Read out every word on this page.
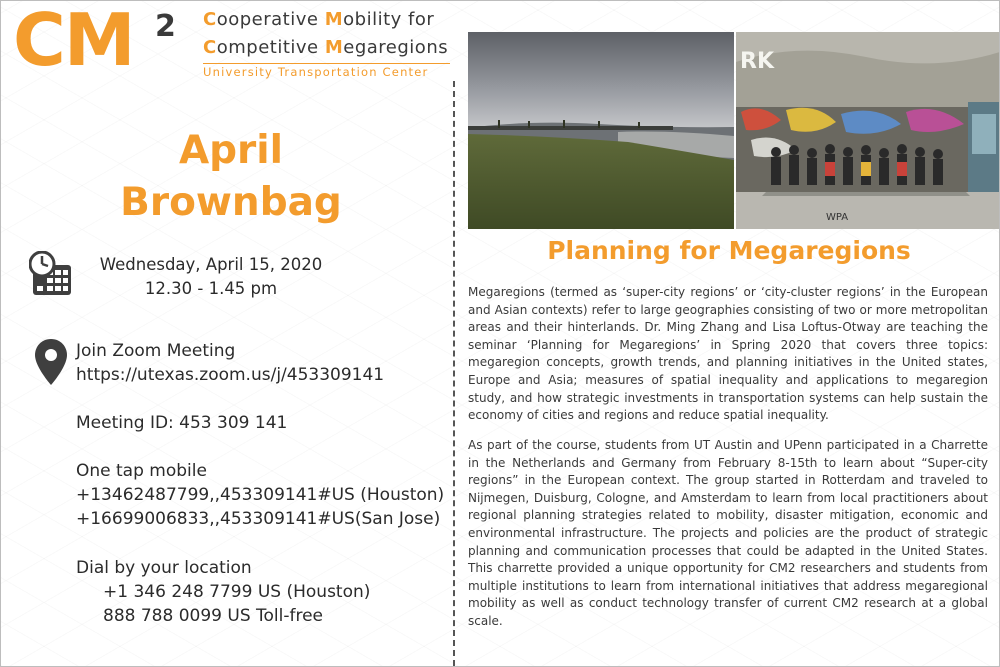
CM 2 Cooperative Mobility for
Competitive Megaregions
University Transportation Center
April
Brownbag
Wednesday, April 15, 2020
12.30 - 1.45 pm
Join Zoom Meeting
https://utexas.zoom.us/j/453309141
Meeting ID: 453 309 141
One tap mobile
+13462487799,,453309141#US (Houston)
+16699006833,,453309141#US(San Jose)
Dial by your location
+1 346 248 7799 US (Houston)
888 788 0099 US Toll-free
RK
WPA
Planning for Megaregions

Megaregions (termed as ‘super-city regions’ or ‘city-cluster regions’ in the European and Asian contexts) refer to large geographies consisting of two or more metropolitan areas and their hinterlands. Dr. Ming Zhang and Lisa Loftus-Otway are teaching the seminar ‘Planning for Megaregions’ in Spring 2020 that covers three topics: megaregion concepts, growth trends, and planning initiatives in the United states, Europe and Asia; measures of spatial inequality and applications to megaregion study, and how strategic investments in transportation systems can help sustain the economy of cities and regions and reduce spatial inequality.

As part of the course, students from UT Austin and UPenn participated in a Charrette in the Netherlands and Germany from February 8-15th to learn about “Super-city regions” in the European context. The group started in Rotterdam and traveled to Nijmegen, Duisburg, Cologne, and Amsterdam to learn from local practitioners about regional planning strategies related to mobility, disaster mitigation, economic and environmental infrastructure. The projects and policies are the product of strategic planning and communication processes that could be adapted in the United States. This charrette provided a unique opportunity for CM2 researchers and students from multiple institutions to learn from international initiatives that address megaregional mobility as well as conduct technology transfer of current CM2 research at a global scale.
